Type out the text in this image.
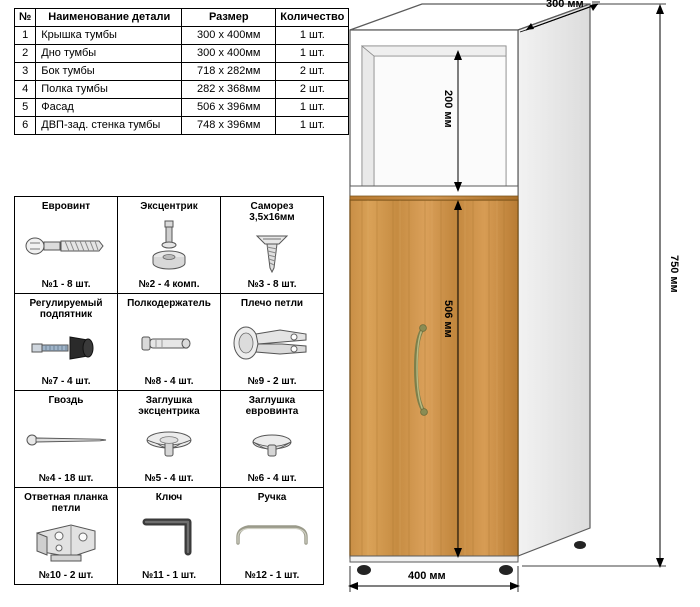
№	Наименование детали	Размер	Количество
1	Крышка тумбы	300 х 400мм	1 шт.
2	Дно тумбы	300 х 400мм	1 шт.
3	Бок тумбы	718 х 282мм	2 шт.
4	Полка тумбы	282 х 368мм	2 шт.
5	Фасад	506 х 396мм	1 шт.
6	ДВП-зад. стенка тумбы	748 х 396мм	1 шт.
Евровинт
№1 - 8 шт.

Эксцентрик
№2 - 4 комп.

Саморез
3,5х16мм
№3 - 8 шт.

Регулируемый
подпятник
№7 - 4 шт.

Полкодержатель
№8 - 4 шт.

Плечо петли
№9 - 2 шт.

Гвоздь
№4 - 18 шт.

Заглушка
эксцентрика
№5 - 4 шт.

Заглушка
евровинта
№6 - 4 шт.

Ответная планка
петли
№10 - 2 шт.

Ключ
№11 - 1 шт.

Ручка
№12 - 1 шт.
300 мм
200 мм
506 мм
750 мм
400 мм
